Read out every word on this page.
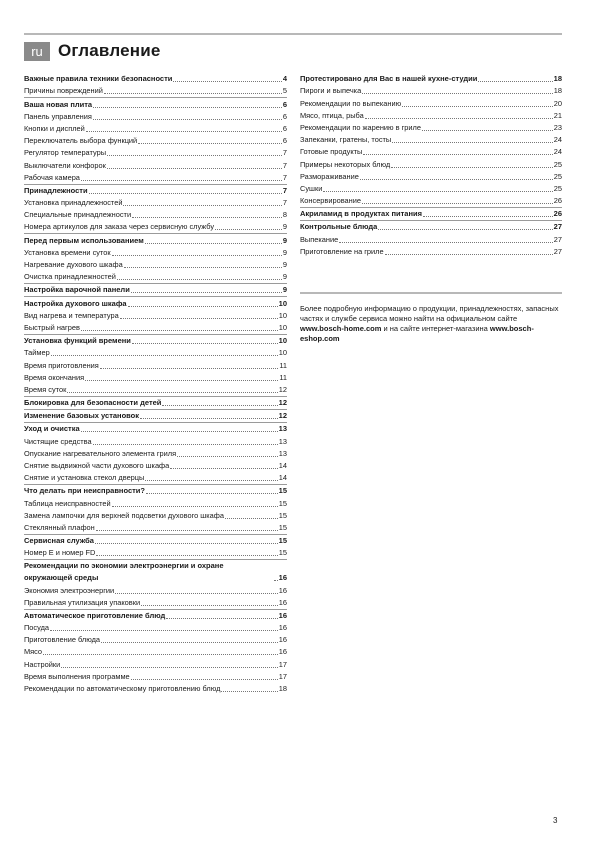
ru Оглавление
Важные правила техники безопасности	4
Причины повреждений	5
Ваша новая плита	6
Панель управления	6
Кнопки и дисплей	6
Переключатель выбора функций	6
Регулятор температуры	7
Выключатели конфорок	7
Рабочая камера	7
Принадлежности	7
Установка принадлежностей	7
Специальные принадлежности	8
Номера артикулов для заказа через сервисную службу	9
Перед первым использованием	9
Установка времени суток	9
Нагревание духового шкафа	9
Очистка принадлежностей	9
Настройка варочной панели	9
Настройка духового шкафа	10
Вид нагрева и температура	10
Быстрый нагрев	10
Установка функций времени	10
Таймер	10
Время приготовления	11
Время окончания	11
Время суток	12
Блокировка для безопасности детей	12
Изменение базовых установок	12
Уход и очистка	13
Чистящие средства	13
Опускание нагревательного элемента гриля	13
Снятие выдвижной части духового шкафа	14
Снятие и установка стекол дверцы	14
Что делать при неисправности?	15
Таблица неисправностей	15
Замена лампочки для верхней подсветки духового шкафа	15
Стеклянный плафон	15
Сервисная служба	15
Номер E и номер FD	15
Рекомендации по экономии электроэнергии и охране окружающей среды	16
Экономия электроэнергии	16
Правильная утилизация упаковки	16
Автоматическое приготовление блюд	16
Посуда	16
Приготовление блюда	16
Мясо	16
Настройки	17
Время выполнения программе	17
Рекомендации по автоматическому приготовлению блюд	18
Протестировано для Вас в нашей кухне-студии	18
Пироги и выпечка	18
Рекомендации по выпеканию	20
Мясо, птица, рыба	21
Рекомендации по жарению в гриле	23
Запеканки, гратены, тосты	24
Готовые продукты	24
Примеры некоторых блюд	25
Размораживание	25
Сушки	25
Консервирование	26
Акриламид в продуктах питания	26
Контрольные блюда	27
Выпекание	27
Приготовление на гриле	27
Более подробную информацию о продукции, принадлежностях, запасных частях и службе сервиса можно найти на официальном сайте www.bosch-home.com и на сайте интернет-магазина www.bosch-eshop.com
3
